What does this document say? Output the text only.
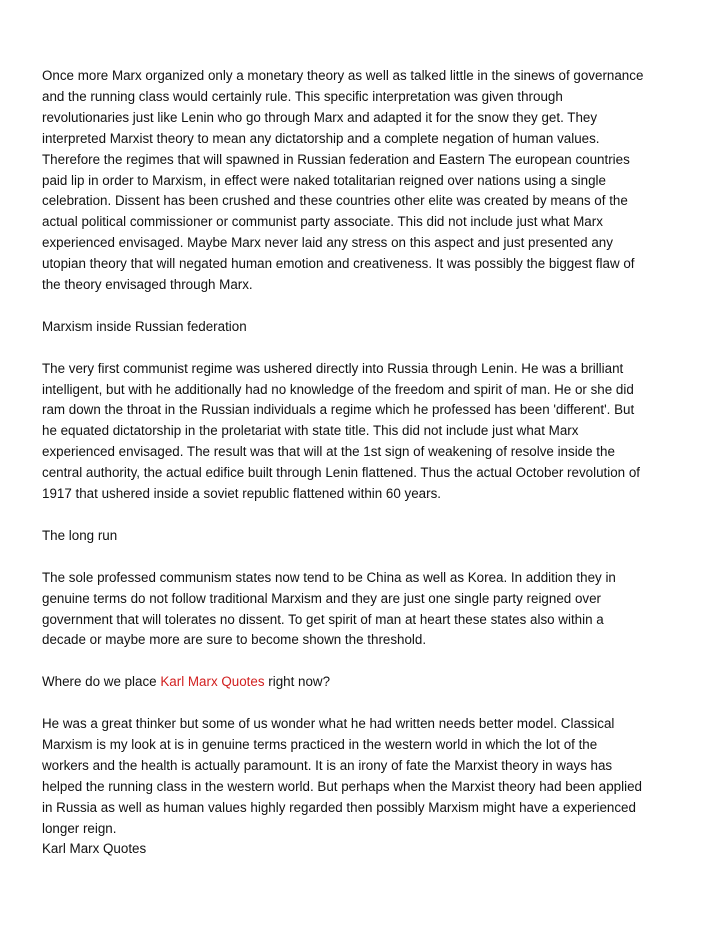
Once more Marx organized only a monetary theory as well as talked little in the sinews of governance
and the running class would certainly rule. This specific interpretation was given through
revolutionaries just like Lenin who go through Marx and adapted it for the snow they get. They
interpreted Marxist theory to mean any dictatorship and a complete negation of human values.
Therefore the regimes that will spawned in Russian federation and Eastern The european countries
paid lip in order to Marxism, in effect were naked totalitarian reigned over nations using a single
celebration. Dissent has been crushed and these countries other elite was created by means of the
actual political commissioner or communist party associate. This did not include just what Marx
experienced envisaged. Maybe Marx never laid any stress on this aspect and just presented any
utopian theory that will negated human emotion and creativeness. It was possibly the biggest flaw of
the theory envisaged through Marx.

Marxism inside Russian federation

The very first communist regime was ushered directly into Russia through Lenin. He was a brilliant
intelligent, but with he additionally had no knowledge of the freedom and spirit of man. He or she did
ram down the throat in the Russian individuals a regime which he professed has been 'different'. But
he equated dictatorship in the proletariat with state title. This did not include just what Marx
experienced envisaged. The result was that will at the 1st sign of weakening of resolve inside the
central authority, the actual edifice built through Lenin flattened. Thus the actual October revolution of
1917 that ushered inside a soviet republic flattened within 60 years.

The long run

The sole professed communism states now tend to be China as well as Korea. In addition they in
genuine terms do not follow traditional Marxism and they are just one single party reigned over
government that will tolerates no dissent. To get spirit of man at heart these states also within a
decade or maybe more are sure to become shown the threshold.

Where do we place Karl Marx Quotes right now?

He was a great thinker but some of us wonder what he had written needs better model. Classical
Marxism is my look at is in genuine terms practiced in the western world in which the lot of the
workers and the health is actually paramount. It is an irony of fate the Marxist theory in ways has
helped the running class in the western world. But perhaps when the Marxist theory had been applied
in Russia as well as human values highly regarded then possibly Marxism might have a experienced
longer reign.
Karl Marx Quotes
